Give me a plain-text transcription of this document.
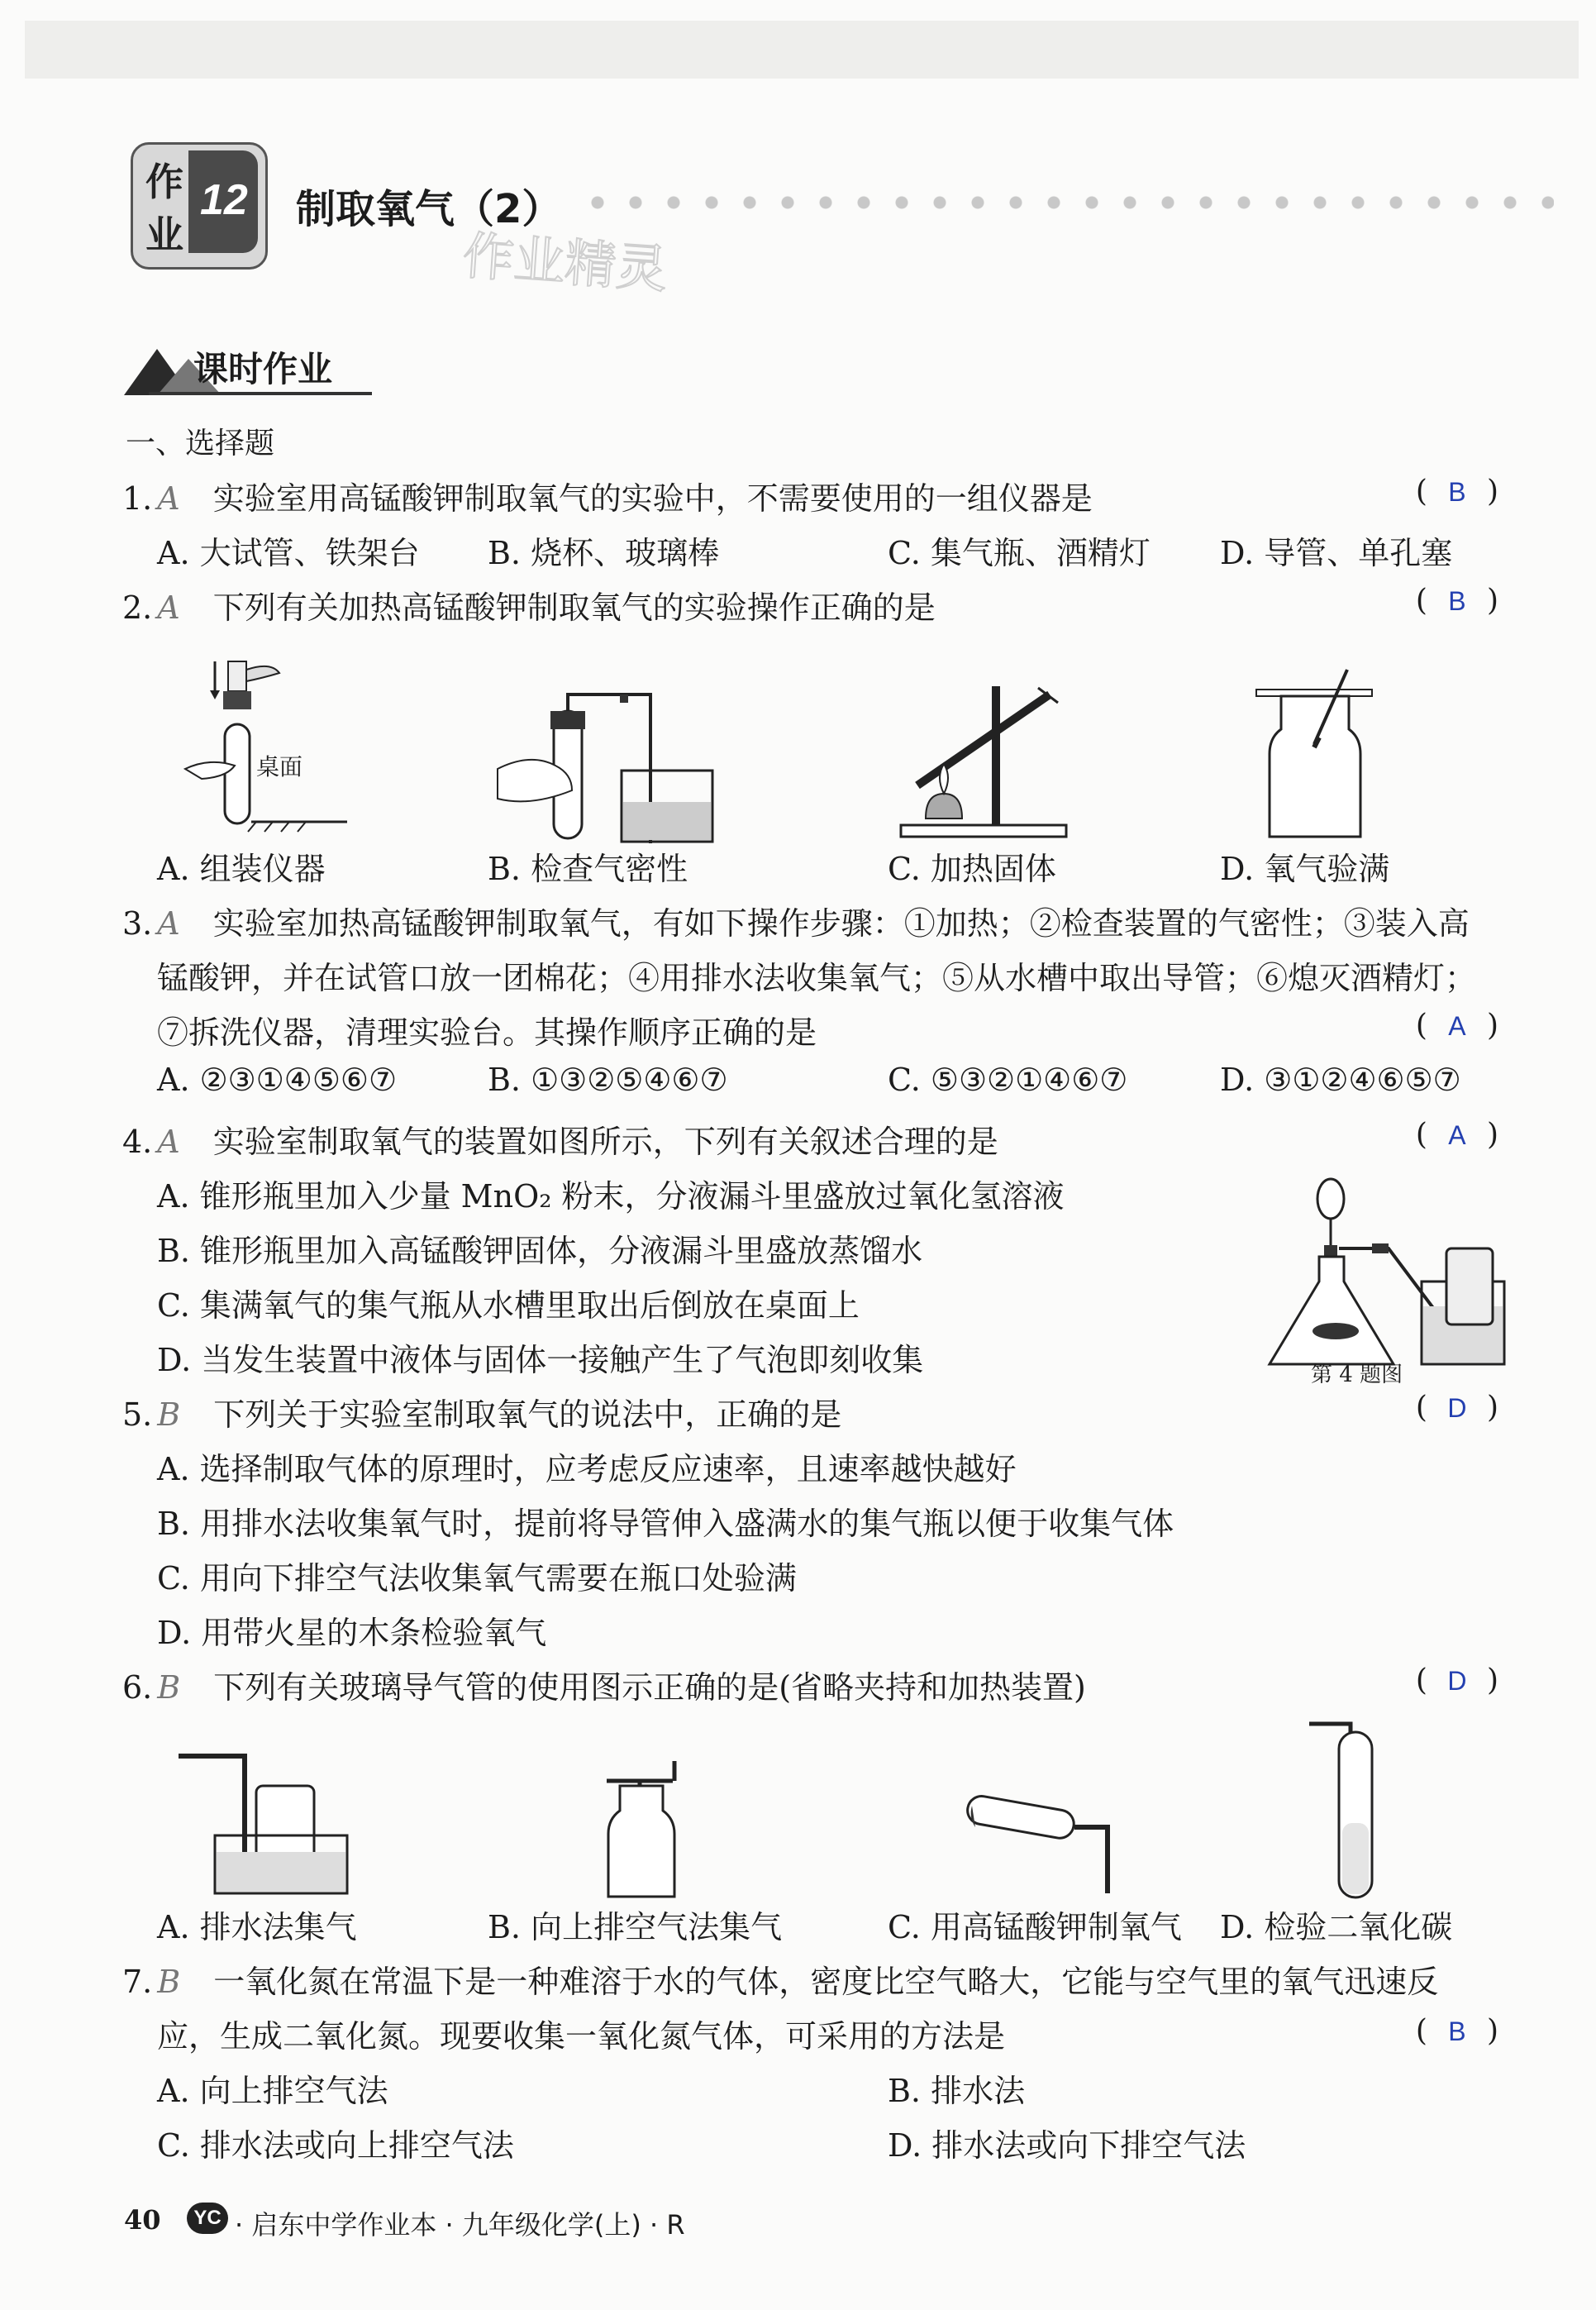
作
业
12 制取氧气（2）
作业精灵
课时作业
一、选择题
1. A 实验室用高锰酸钾制取氧气的实验中，不需要使用的一组仪器是	( B )
A. 大试管、铁架台 B. 烧杯、玻璃棒	C. 集气瓶、酒精灯 D. 导管、单孔塞
2. A 下列有关加热高锰酸钾制取氧气的实验操作正确的是	( B )
桌面
A. 组装仪器	B. 检查气密性	C. 加热固体	D. 氧气验满
3. A 实验室加热高锰酸钾制取氧气，有如下操作步骤：①加热；②检查装置的气密性；③装入高
锰酸钾，并在试管口放一团棉花；④用排水法收集氧气；⑤从水槽中取出导管；⑥熄灭酒精灯；
⑦拆洗仪器，清理实验台。其操作顺序正确的是	( A )
A. ②③①④⑤⑥⑦	B. ①③②⑤④⑥⑦	C. ⑤③②①④⑥⑦	D. ③①②④⑥⑤⑦
4. A 实验室制取氧气的装置如图所示，下列有关叙述合理的是	( A )
A. 锥形瓶里加入少量 MnO₂ 粉末，分液漏斗里盛放过氧化氢溶液
B. 锥形瓶里加入高锰酸钾固体，分液漏斗里盛放蒸馏水
C. 集满氧气的集气瓶从水槽里取出后倒放在桌面上
D. 当发生装置中液体与固体一接触产生了气泡即刻收集	第 4 题图
5. B 下列关于实验室制取氧气的说法中，正确的是	( D )
A. 选择制取气体的原理时，应考虑反应速率，且速率越快越好
B. 用排水法收集氧气时，提前将导管伸入盛满水的集气瓶以便于收集气体
C. 用向下排空气法收集氧气需要在瓶口处验满
D. 用带火星的木条检验氧气
6. B 下列有关玻璃导气管的使用图示正确的是(省略夹持和加热装置)	( D )
A. 排水法集气	B. 向上排空气法集气	C. 用高锰酸钾制氧气 D. 检验二氧化碳
7. B 一氧化氮在常温下是一种难溶于水的气体，密度比空气略大，它能与空气里的氧气迅速反
应，生成二氧化氮。现要收集一氧化氮气体，可采用的方法是	( B )
A. 向上排空气法	B. 排水法
C. 排水法或向上排空气法	D. 排水法或向下排空气法
40	YC · 启东中学作业本 · 九年级化学(上) · R
